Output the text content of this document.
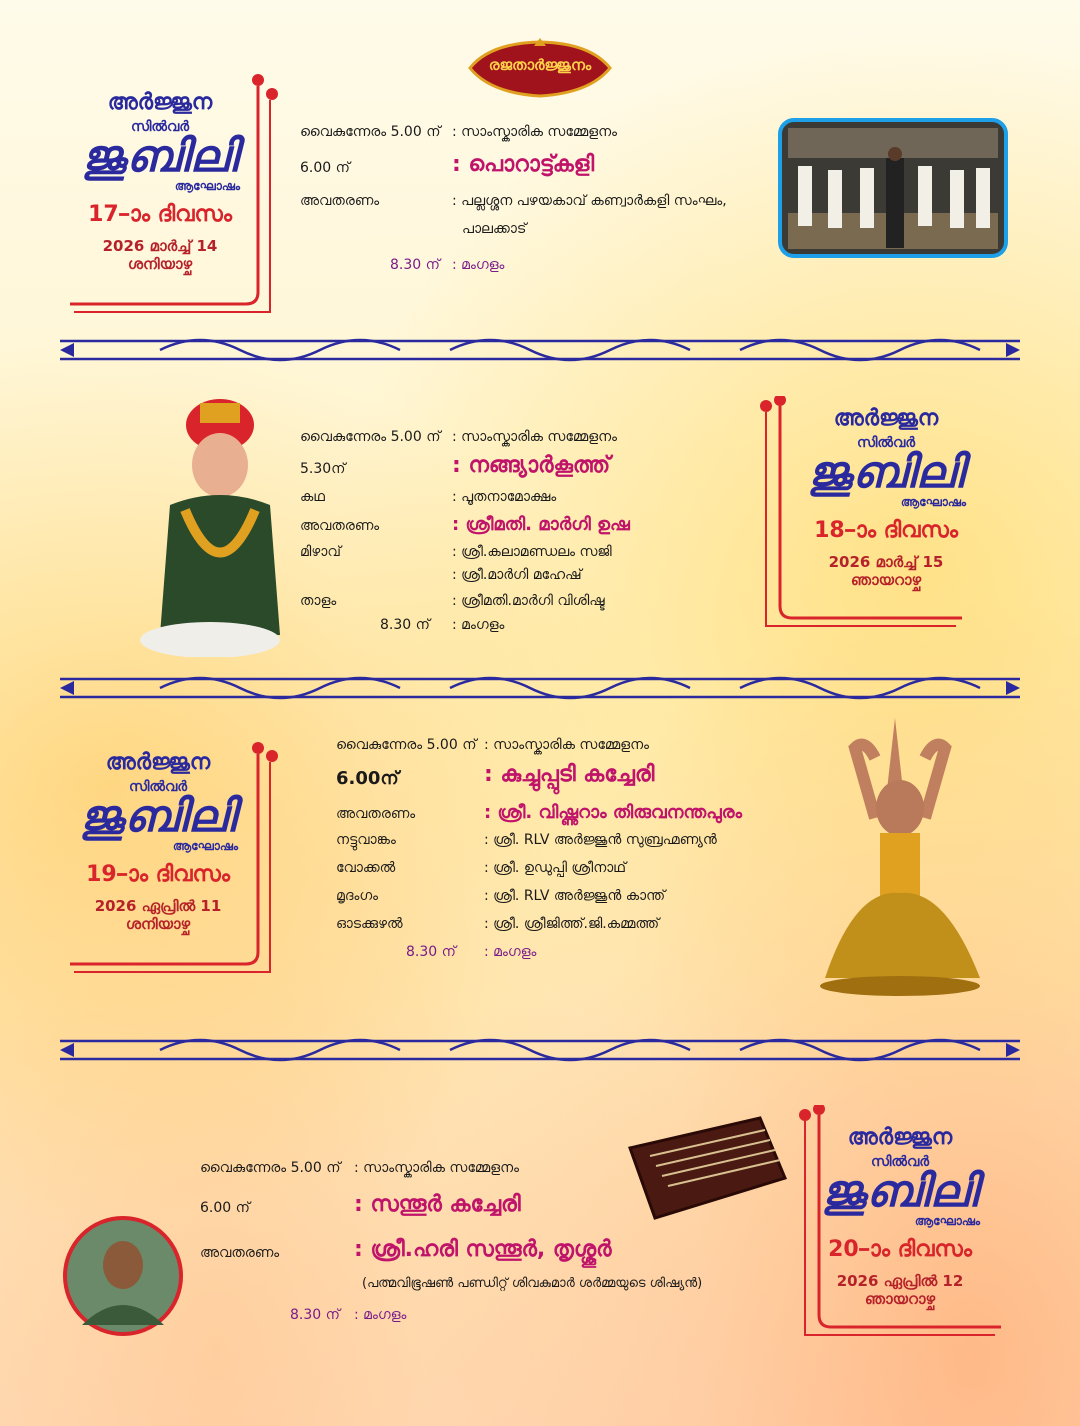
രജതാർജ്ജുനം
അർജ്ജുന
സിൽവർ
ജൂബിലി
ആഘോഷം
17–ാം ദിവസം
2026 മാർച്ച് 14
ശനിയാഴ്ച
വൈകുന്നേരം 5.00 ന് : സാംസ്കാരിക സമ്മേളനം
6.00 ന്	: പൊറാട്ട്കളി
അവതരണം	: പല്ലശ്ശന പഴയകാവ് കണ്വാർകളി സംഘം,
പാലക്കാട്
8.30 ന് : മംഗളം
വൈകുന്നേരം 5.00 ന് : സാംസ്കാരിക സമ്മേളനം
5.30ന്	: നങ്ങ്യാർകൂത്ത്
കഥ	: പൂതനാമോക്ഷം
അവതരണം	: ശ്രീമതി. മാർഗി ഉഷ
മിഴാവ്	: ശ്രീ.കലാമണ്ഡലം സജി
: ശ്രീ.മാർഗി മഹേഷ്
താളം	: ശ്രീമതി.മാർഗി വിശിഷ്ട
8.30 ന് : മംഗളം
അർജ്ജുന
സിൽവർ
ജൂബിലി
ആഘോഷം
18–ാം ദിവസം
2026 മാർച്ച് 15
ഞായറാഴ്ച
അർജ്ജുന
സിൽവർ
ജൂബിലി
ആഘോഷം
19–ാം ദിവസം
2026 ഏപ്രിൽ 11
ശനിയാഴ്ച
വൈകുന്നേരം 5.00 ന് : സാംസ്കാരിക സമ്മേളനം
6.00ന്	: കുച്ചുപ്പുടി കച്ചേരി
അവതരണം	: ശ്രീ. വിഷ്ണുറാം തിരുവനന്തപുരം
നട്ടുവാങ്കം	: ശ്രീ. RLV അർജ്ജുൻ സുബ്രഹ്മണ്യൻ
വോക്കൽ	: ശ്രീ. ഉഡുപ്പി ശ്രീനാഥ്
മൃദംഗം	: ശ്രീ. RLV അർജ്ജുൻ കാന്ത്
ഓടക്കുഴൽ	: ശ്രീ. ശ്രീജിത്ത്.ജി.കമ്മത്ത്
8.30 ന് : മംഗളം
വൈകുന്നേരം 5.00 ന് : സാംസ്കാരിക സമ്മേളനം
6.00 ന്	: സന്തൂർ കച്ചേരി
അവതരണം	: ശ്രീ.ഹരി സന്തൂർ, തൃശ്ശൂർ
(പത്മവിഭൂഷൺ പണ്ഡിറ്റ് ശിവകുമാർ ശർമ്മയുടെ ശിഷ്യൻ)
8.30 ന് : മംഗളം
അർജ്ജുന
സിൽവർ
ജൂബിലി
ആഘോഷം
20–ാം ദിവസം
2026 ഏപ്രിൽ 12
ഞായറാഴ്ച
